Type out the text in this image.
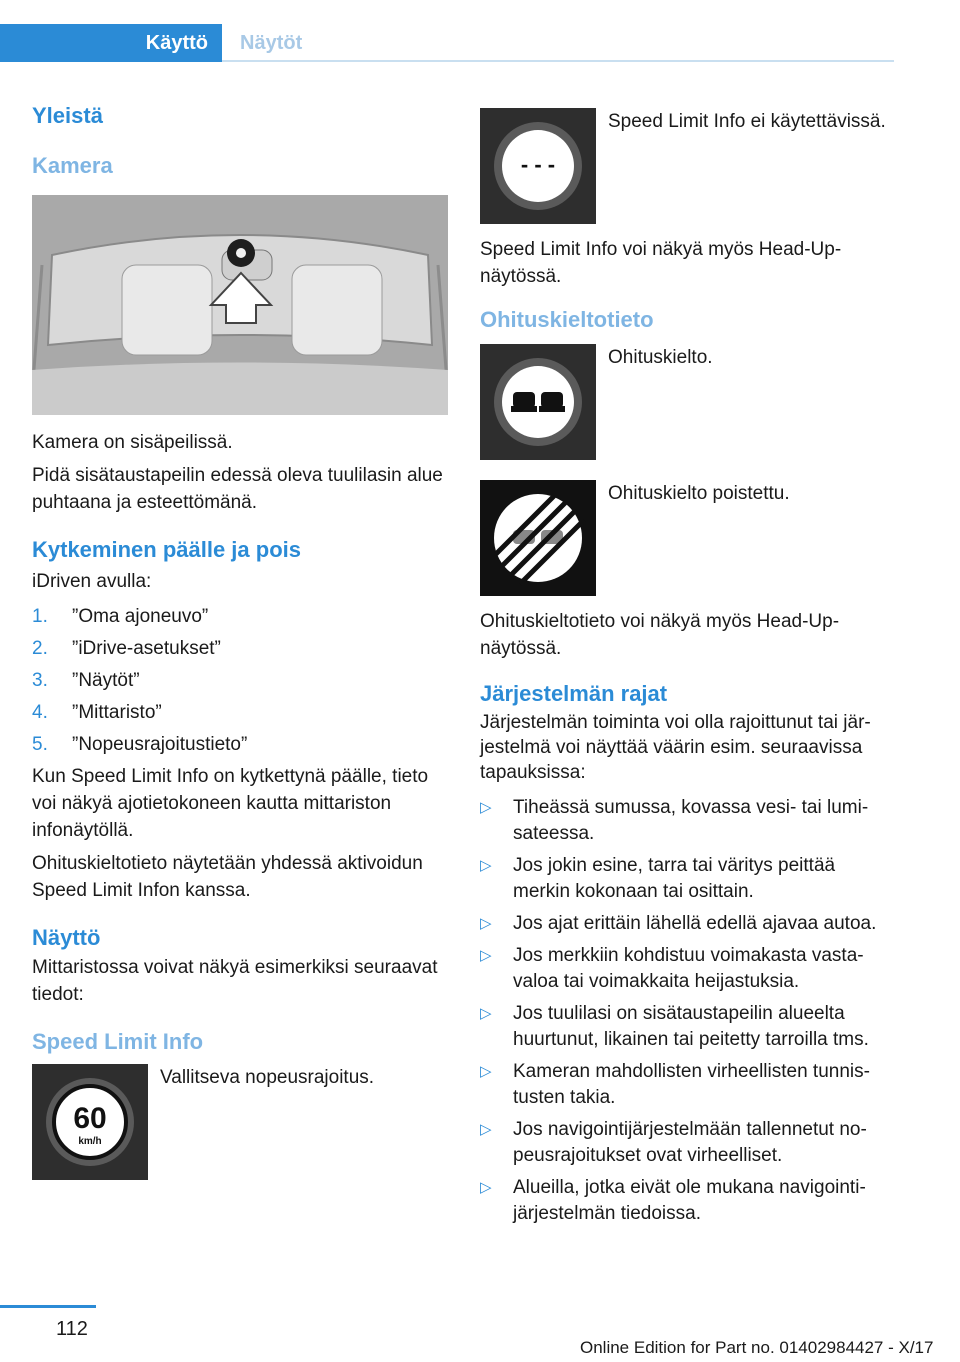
Käyttö	Näytöt
Yleistä
Kamera

Kamera on sisäpeilissä.

Pidä sisätaustapeilin edessä oleva tuulilasin alue puhtaana ja esteettömänä.

Kytkeminen päälle ja pois

iDriven avulla:

1.	”Oma ajoneuvo”
2.	”iDrive-asetukset”
3.	”Näytöt”
4.	”Mittaristo”
5.	”Nopeusrajoitustieto”

Kun Speed Limit Info on kytkettynä päälle, tieto voi näkyä ajotietokoneen kautta mittariston infonäytöllä.

Ohituskieltotieto näytetään yhdessä aktivoidun Speed Limit Infon kanssa.

Näyttö

Mittaristossa voivat näkyä esimerkiksi seuraavat tiedot:

Speed Limit Info
60
km/h
Vallitseva nopeusrajoitus.
- - -
Speed Limit Info ei käytettävissä.

Speed Limit Info voi näkyä myös Head-Up-näytössä.

Ohituskieltotieto
Ohituskielto.
Ohituskielto poistettu.

Ohituskieltotieto voi näkyä myös Head-Up-näytössä.

Järjestelmän rajat

Järjestelmän toiminta voi olla rajoittunut tai järjestelmä voi näyttää väärin esim. seuraavissa tapauksissa:

▷	Tiheässä sumussa, kovassa vesi- tai lumisateessa.
▷	Jos jokin esine, tarra tai väritys peittää merkin kokonaan tai osittain.
▷	Jos ajat erittäin lähellä edellä ajavaa autoa.
▷	Jos merkkiin kohdistuu voimakasta vastavaloa tai voimakkaita heijastuksia.
▷	Jos tuulilasi on sisätaustapeilin alueelta huurtunut, likainen tai peitetty tarroilla tms.
▷	Kameran mahdollisten virheellisten tunnistusten takia.
▷	Jos navigointijärjestelmään tallennetut nopeusrajoitukset ovat virheelliset.
▷	Alueilla, jotka eivät ole mukana navigointijärjestelmän tiedoissa.
112
Online Edition for Part no. 01402984427 - X/17
